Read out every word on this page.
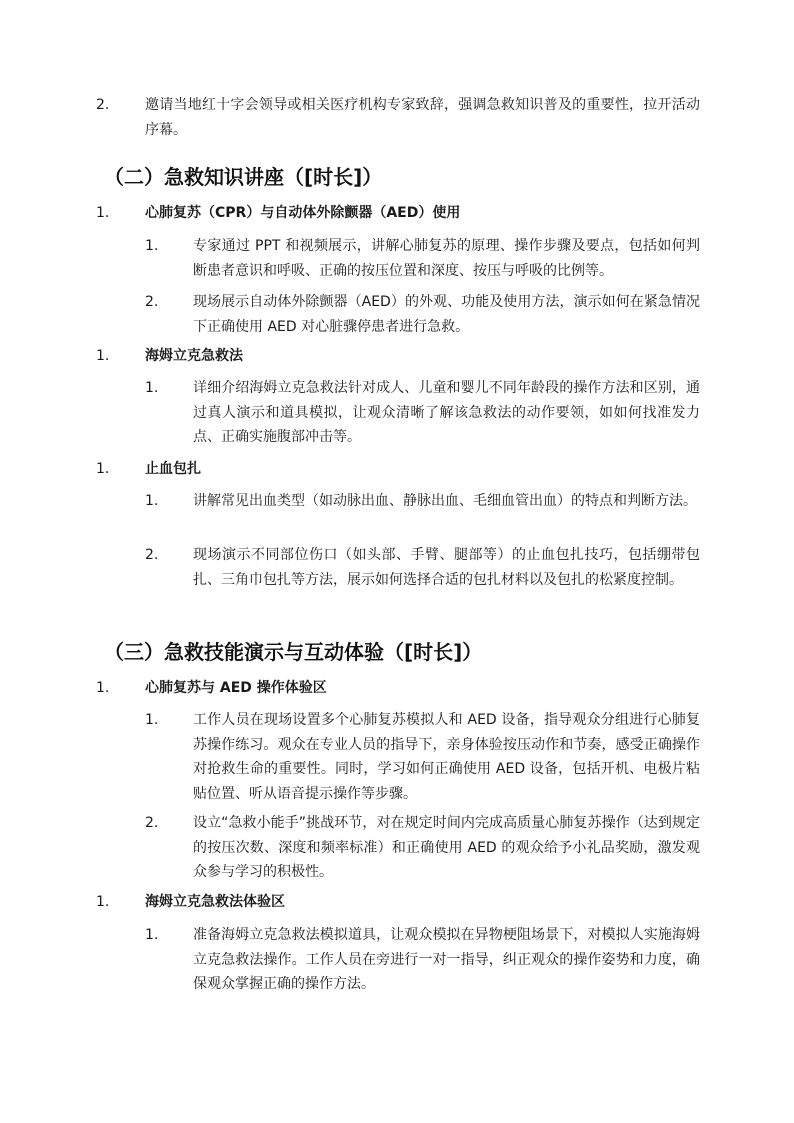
2.	邀请当地红十字会领导或相关医疗机构专家致辞，强调急救知识普及的重要性，拉开活动序幕。
（二）急救知识讲座（[时长]）
1.	心肺复苏（CPR）与自动体外除颤器（AED）使用
1. 专家通过 PPT 和视频展示，讲解心肺复苏的原理、操作步骤及要点，包括如何判断患者意识和呼吸、正确的按压位置和深度、按压与呼吸的比例等。
2. 现场展示自动体外除颤器（AED）的外观、功能及使用方法，演示如何在紧急情况下正确使用 AED 对心脏骤停患者进行急救。
1.	海姆立克急救法
1. 详细介绍海姆立克急救法针对成人、儿童和婴儿不同年龄段的操作方法和区别，通过真人演示和道具模拟，让观众清晰了解该急救法的动作要领，如如何找准发力点、正确实施腹部冲击等。
1.	止血包扎
1. 讲解常见出血类型（如动脉出血、静脉出血、毛细血管出血）的特点和判断方法。
2. 现场演示不同部位伤口（如头部、手臂、腿部等）的止血包扎技巧，包括绷带包扎、三角巾包扎等方法，展示如何选择合适的包扎材料以及包扎的松紧度控制。
（三）急救技能演示与互动体验（[时长]）
1.	心肺复苏与 AED 操作体验区
1. 工作人员在现场设置多个心肺复苏模拟人和 AED 设备，指导观众分组进行心肺复苏操作练习。观众在专业人员的指导下，亲身体验按压动作和节奏，感受正确操作对抢救生命的重要性。同时，学习如何正确使用 AED 设备，包括开机、电极片粘贴位置、听从语音提示操作等步骤。
2. 设立“急救小能手”挑战环节，对在规定时间内完成高质量心肺复苏操作（达到规定的按压次数、深度和频率标准）和正确使用 AED 的观众给予小礼品奖励，激发观众参与学习的积极性。
1.	海姆立克急救法体验区
1. 准备海姆立克急救法模拟道具，让观众模拟在异物梗阻场景下，对模拟人实施海姆立克急救法操作。工作人员在旁进行一对一指导，纠正观众的操作姿势和力度，确保观众掌握正确的操作方法。
